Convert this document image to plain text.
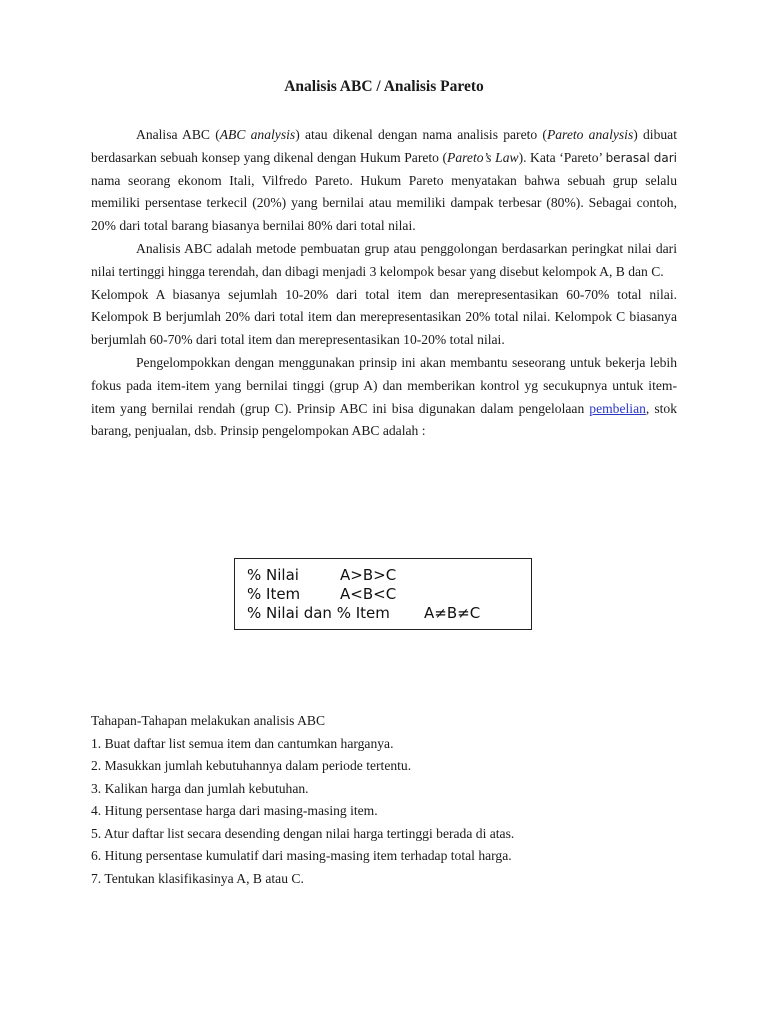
Analisis ABC / Analisis Pareto

Analisa ABC (ABC analysis) atau dikenal dengan nama analisis pareto (Pareto analysis) dibuat berdasarkan sebuah konsep yang dikenal dengan Hukum Pareto (Pareto’s Law). Kata ‘Pareto’ berasal dari nama seorang ekonom Itali, Vilfredo Pareto. Hukum Pareto menyatakan bahwa sebuah grup selalu memiliki persentase terkecil (20%) yang bernilai atau memiliki dampak terbesar (80%). Sebagai contoh, 20% dari total barang biasanya bernilai 80% dari total nilai.

Analisis ABC adalah metode pembuatan grup atau penggolongan berdasarkan peringkat nilai dari nilai tertinggi hingga terendah, dan dibagi menjadi 3 kelompok besar yang disebut kelompok A, B dan C.

Kelompok A biasanya sejumlah 10-20% dari total item dan merepresentasikan 60-70% total nilai. Kelompok B berjumlah 20% dari total item dan merepresentasikan 20% total nilai. Kelompok C biasanya berjumlah 60-70% dari total item dan merepresentasikan 10-20% total nilai.

Pengelompokkan dengan menggunakan prinsip ini akan membantu seseorang untuk bekerja lebih fokus pada item-item yang bernilai tinggi (grup A) dan memberikan kontrol yg secukupnya untuk item-item yang bernilai rendah (grup C). Prinsip ABC ini bisa digunakan dalam pengelolaan pembelian, stok barang, penjualan, dsb. Prinsip pengelompokan ABC adalah :

% Nilai	A>B>C
% Item	A<B<C
% Nilai dan % Item A≠B≠C
Tahapan-Tahapan melakukan analisis ABC
1. Buat daftar list semua item dan cantumkan harganya.
2. Masukkan jumlah kebutuhannya dalam periode tertentu.
3. Kalikan harga dan jumlah kebutuhan.
4. Hitung persentase harga dari masing-masing item.
5. Atur daftar list secara desending dengan nilai harga tertinggi berada di atas.
6. Hitung persentase kumulatif dari masing-masing item terhadap total harga.
7. Tentukan klasifikasinya A, B atau C.
